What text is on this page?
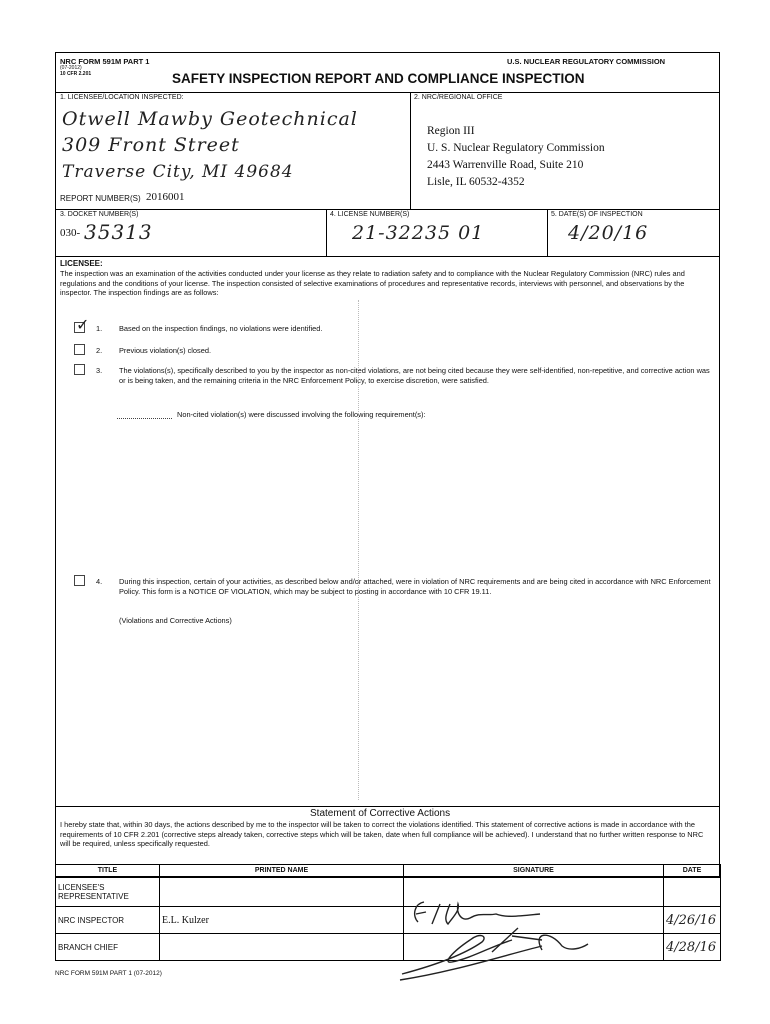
NRC FORM 591M PART 1
(07-2012)
10 CFR 2.201
U.S. NUCLEAR REGULATORY COMMISSION
SAFETY INSPECTION REPORT AND COMPLIANCE INSPECTION
1. LICENSEE/LOCATION INSPECTED:
Otwell Mawby Geotechnical
309 Front Street
Traverse City, MI 49684
REPORT NUMBER(S) 2016001
2. NRC/REGIONAL OFFICE
Region III
U. S. Nuclear Regulatory Commission
2443 Warrenville Road, Suite 210
Lisle, IL 60532-4352
3. DOCKET NUMBER(S)
030- 35313
4. LICENSE NUMBER(S)
21-32235 01
5. DATE(S) OF INSPECTION
4/20/16
LICENSEE:
The inspection was an examination of the activities conducted under your license as they relate to radiation safety and to compliance with the Nuclear Regulatory Commission (NRC) rules and regulations and the conditions of your license. The inspection consisted of selective examinations of procedures and representative records, interviews with personnel, and observations by the inspector. The inspection findings are as follows:
✓ 1. Based on the inspection findings, no violations were identified.
2. Previous violation(s) closed.
3. The violations(s), specifically described to you by the inspector as non-cited violations, are not being cited because they were self-identified, non-repetitive, and corrective action was or is being taken, and the remaining criteria in the NRC Enforcement Policy, to exercise discretion, were satisfied.
Non-cited violation(s) were discussed involving the following requirement(s):
4. During this inspection, certain of your activities, as described below and/or attached, were in violation of NRC requirements and are being cited in accordance with NRC Enforcement Policy. This form is a NOTICE OF VIOLATION, which may be subject to posting in accordance with 10 CFR 19.11.
(Violations and Corrective Actions)
Statement of Corrective Actions
I hereby state that, within 30 days, the actions described by me to the inspector will be taken to correct the violations identified. This statement of corrective actions is made in accordance with the requirements of 10 CFR 2.201 (corrective steps already taken, corrective steps which will be taken, date when full compliance will be achieved). I understand that no further written response to NRC will be required, unless specifically requested.
TITLE	PRINTED NAME	SIGNATURE	DATE
LICENSEE'S REPRESENTATIVE			
NRC INSPECTOR	E.L. Kulzer		4/26/16
BRANCH CHIEF			4/28/16
NRC FORM 591M PART 1 (07-2012)
